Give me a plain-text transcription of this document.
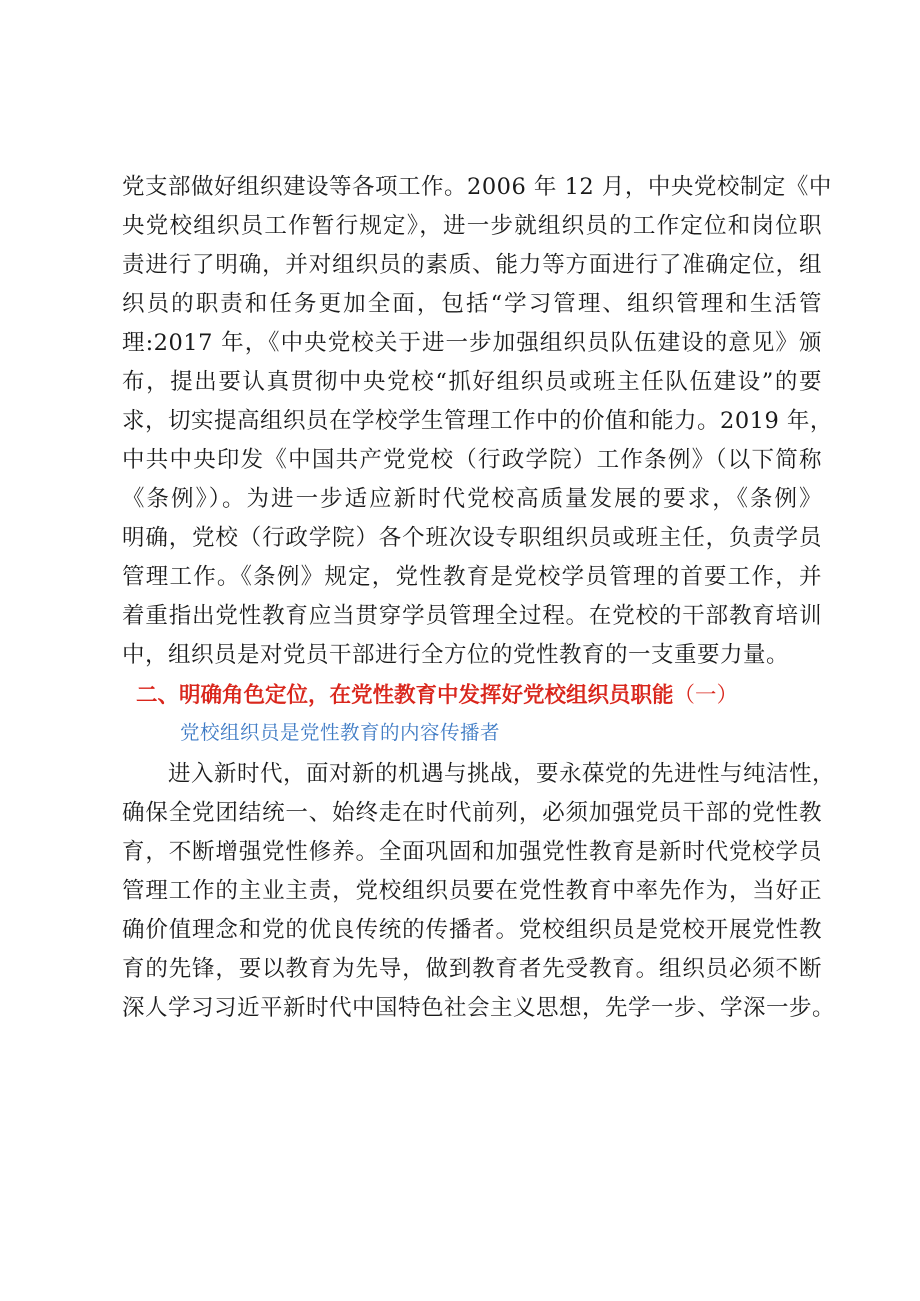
党支部做好组织建设等各项工作。2006 年 12 月，中央党校制定《中
央党校组织员工作暂行规定》，进一步就组织员的工作定位和岗位职
责进行了明确，并对组织员的素质、能力等方面进行了准确定位，组
织员的职责和任务更加全面，包括“学习管理、组织管理和生活管
理:2017 年，《中央党校关于进一步加强组织员队伍建设的意见》颁
布，提出要认真贯彻中央党校“抓好组织员或班主任队伍建设”的要
求，切实提高组织员在学校学生管理工作中的价值和能力。2019 年，
中共中央印发《中国共产党党校（行政学院）工作条例》（以下简称
《条例》）。为进一步适应新时代党校高质量发展的要求，《条例》
明确，党校（行政学院）各个班次设专职组织员或班主任，负责学员
管理工作。《条例》规定，党性教育是党校学员管理的首要工作，并
着重指出党性教育应当贯穿学员管理全过程。在党校的干部教育培训
中，组织员是对党员干部进行全方位的党性教育的一支重要力量。
二、明确角色定位，在党性教育中发挥好党校组织员职能（一）
党校组织员是党性教育的内容传播者
进入新时代，面对新的机遇与挑战，要永葆党的先进性与纯洁性，
确保全党团结统一、始终走在时代前列，必须加强党员干部的党性教
育，不断增强党性修养。全面巩固和加强党性教育是新时代党校学员
管理工作的主业主责，党校组织员要在党性教育中率先作为，当好正
确价值理念和党的优良传统的传播者。党校组织员是党校开展党性教
育的先锋，要以教育为先导，做到教育者先受教育。组织员必须不断
深人学习习近平新时代中国特色社会主义思想，先学一步、学深一步。
